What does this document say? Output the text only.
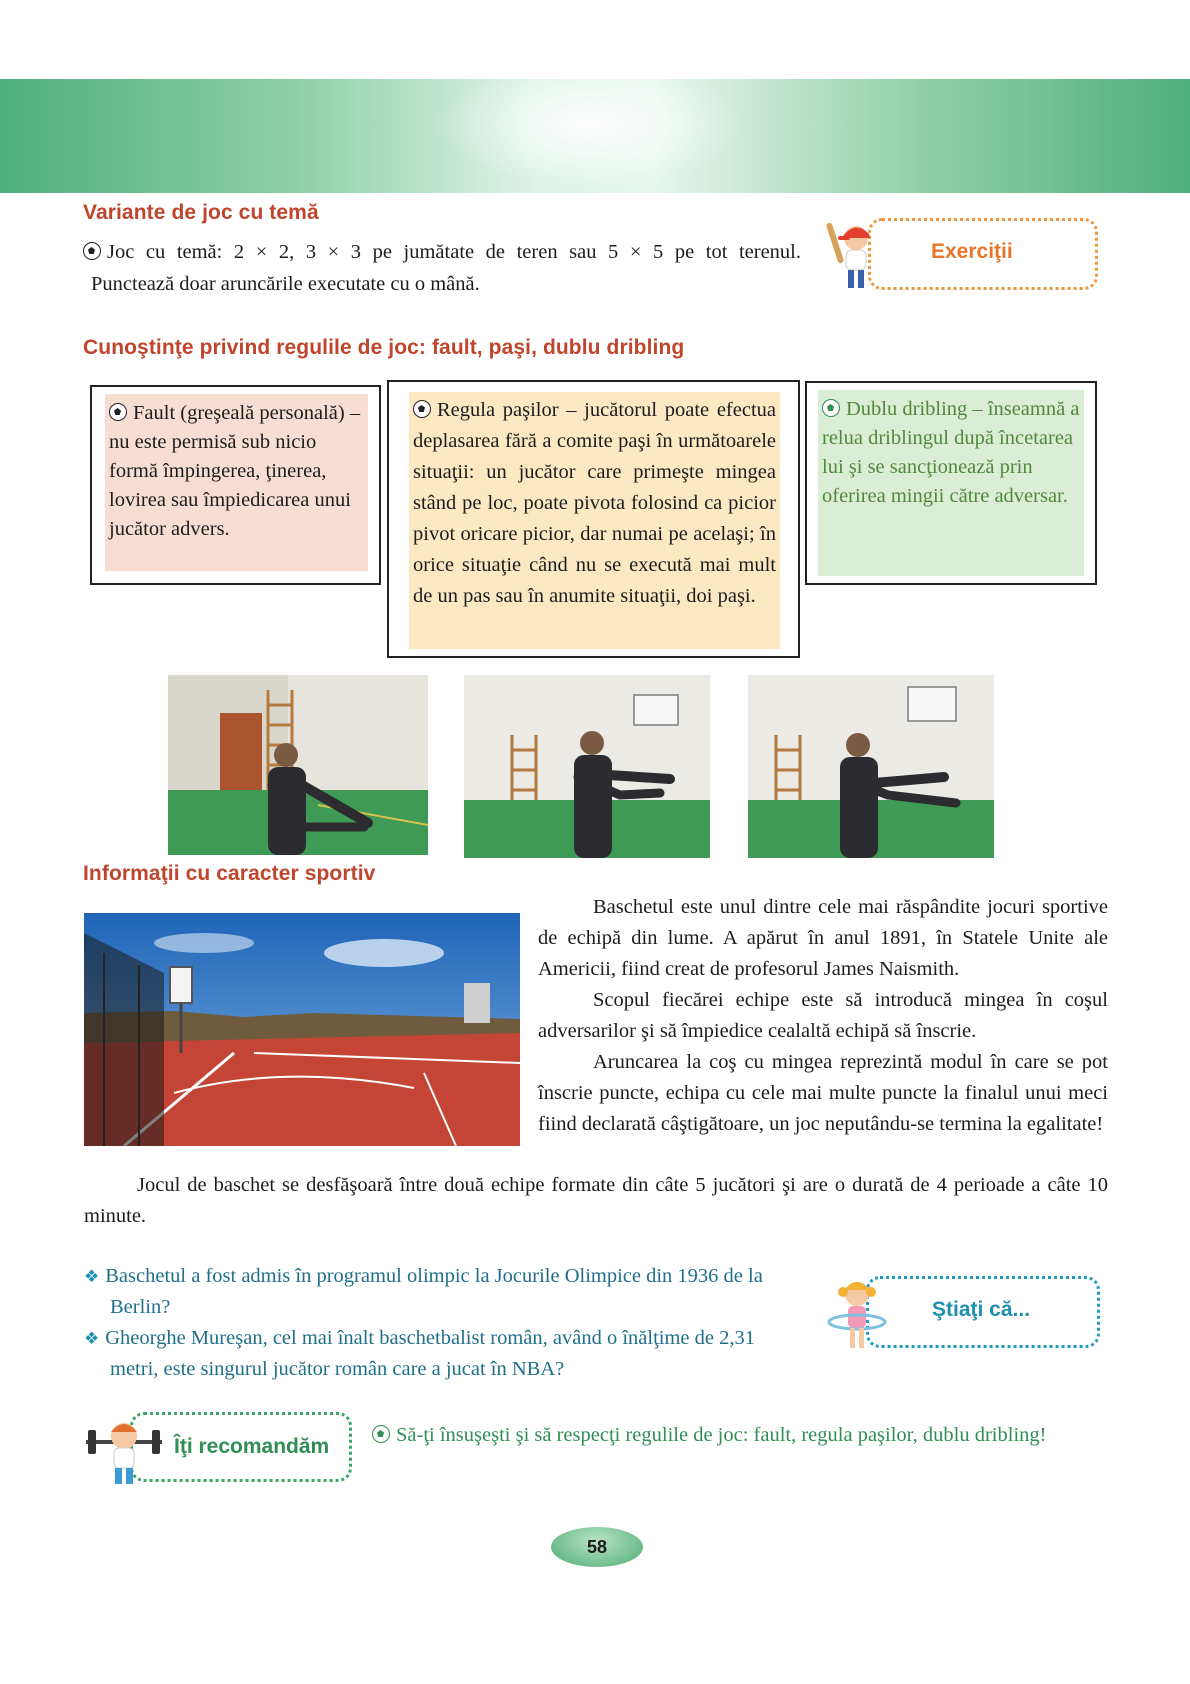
Variante de joc cu temă
Joc cu temă: 2 × 2, 3 × 3 pe jumătate de teren sau 5 × 5 pe tot terenul.
Punctează doar aruncările executate cu o mână.
Exerciţii
Cunoştinţe privind regulile de joc: fault, paşi, dublu dribling
Fault (greşeală personală) – nu este permisă sub nicio formă împingerea, ţinerea, lovirea sau împiedicarea unui jucător advers.
Regula paşilor – jucătorul poate efectua deplasarea fără a comite paşi în următoarele situaţii: un jucător care primeşte mingea stând pe loc, poate pivota folosind ca picior pivot oricare picior, dar numai pe acelaşi; în orice situaţie când nu se execută mai mult de un pas sau în anumite situaţii, doi paşi.
Dublu dribling – înseamnă a relua driblingul după încetarea lui şi se sancţionează prin oferirea mingii către adversar.
Informaţii cu caracter sportiv
Baschetul este unul dintre cele mai răspândite jocuri sportive de echipă din lume. A apărut în anul 1891, în Statele Unite ale Americii, fiind creat de profesorul James Naismith.
Scopul fiecărei echipe este să introducă mingea în coşul adversarilor şi să împiedice cealaltă echipă să înscrie.
Aruncarea la coş cu mingea reprezintă modul în care se pot înscrie puncte, echipa cu cele mai multe puncte la finalul unui meci fiind declarată câştigătoare, un joc neputându-se termina la egalitate!
Jocul de baschet se desfăşoară între două echipe formate din câte 5 jucători şi are o durată de 4 perioade a câte 10 minute.
❖ Baschetul a fost admis în programul olimpic la Jocurile Olimpice din 1936 de la Berlin?
❖ Gheorghe Mureşan, cel mai înalt baschetbalist român, având o înălţime de 2,31 metri, este singurul jucător român care a jucat în NBA?
Ştiaţi că...
Îţi recomandăm	Să-ţi însuşeşti şi să respecţi regulile de joc: fault, regula paşilor, dublu dribling!
58
